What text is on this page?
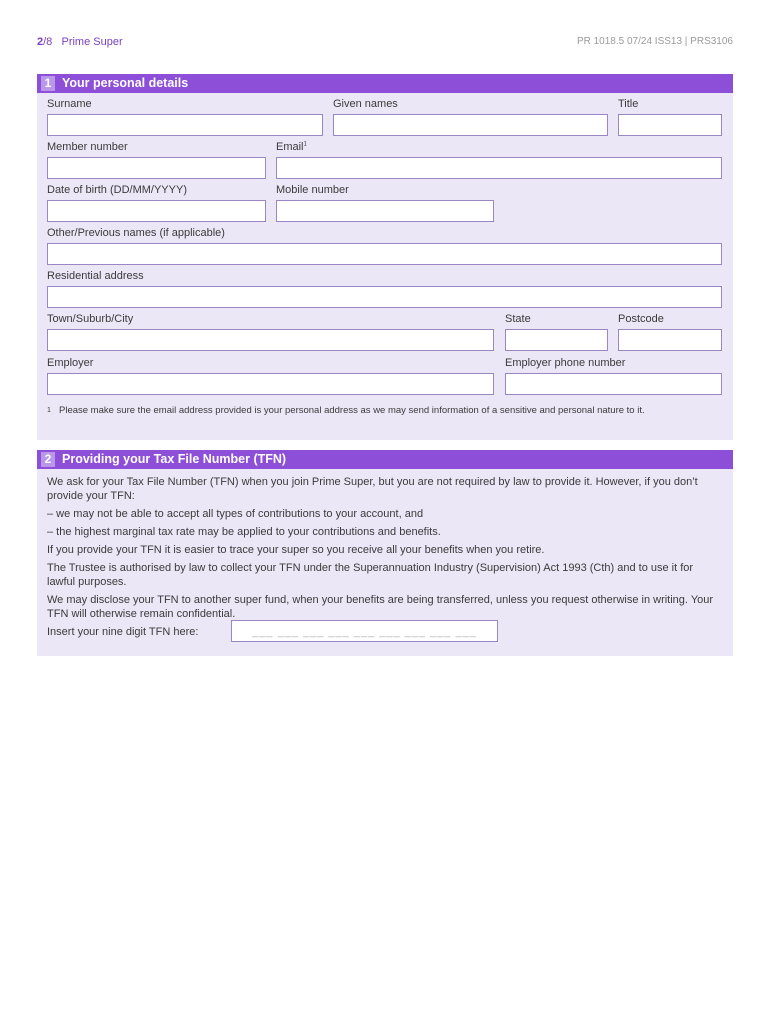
2/8 Prime Super	PR 1018.5 07/24 ISS13 | PRS3106
1 Your personal details
Surname	Given names	Title
Member number	Email$^1$
Date of birth (DD/MM/YYYY)	Mobile number
Other/Previous names (if applicable)
Residential address
Town/Suburb/City	State	Postcode
Employer	Employer phone number
1 Please make sure the email address provided is your personal address as we may send information of a sensitive and personal nature to it.
2 Providing your Tax File Number (TFN)
We ask for your Tax File Number (TFN) when you join Prime Super, but you are not required by law to provide it. However, if you don’t provide your TFN:
– we may not be able to accept all types of contributions to your account, and
– the highest marginal tax rate may be applied to your contributions and benefits.
If you provide your TFN it is easier to trace your super so you receive all your benefits when you retire.
The Trustee is authorised by law to collect your TFN under the Superannuation Industry (Supervision) Act 1993 (Cth) and to use it for lawful purposes.
We may disclose your TFN to another super fund, when your benefits are being transferred, unless you request otherwise in writing. Your TFN will otherwise remain confidential.
Insert your nine digit TFN here:	___ ___ ___ ___ ___ ___ ___ ___ ___
